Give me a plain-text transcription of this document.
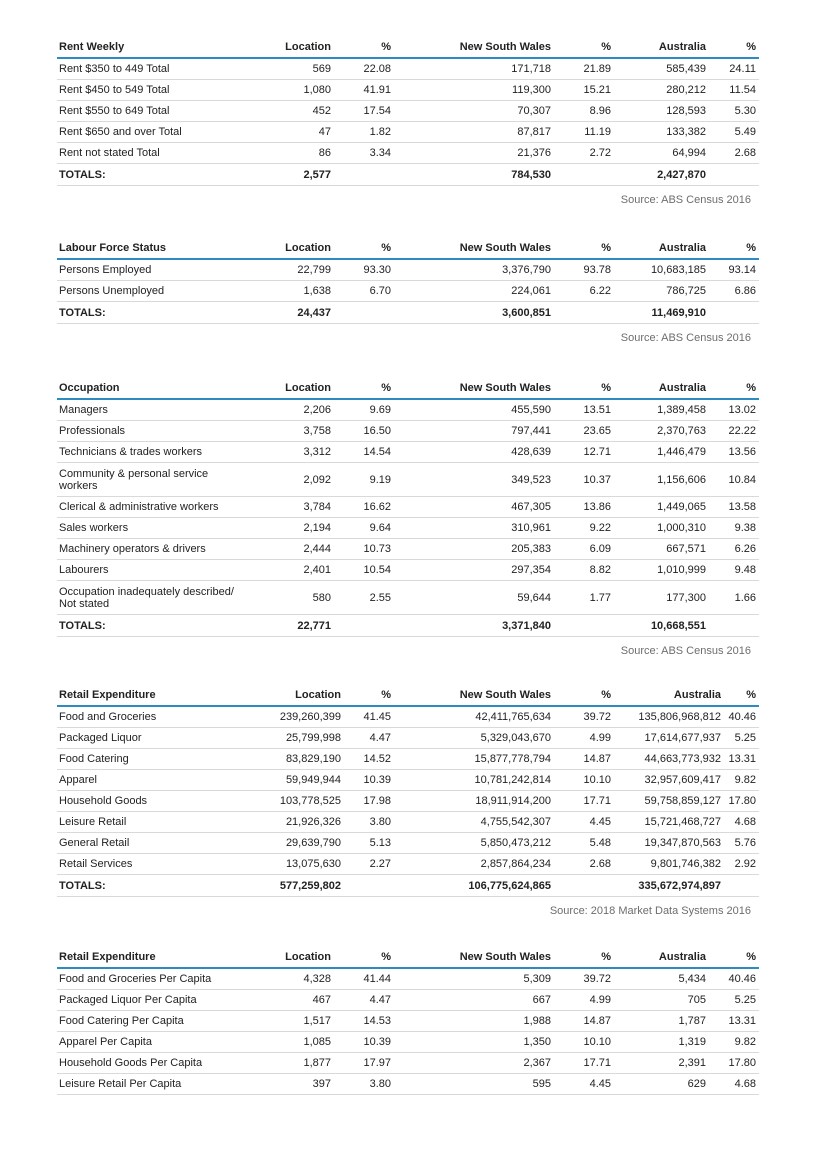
Rent Weekly	Location	%	New South Wales	%	Australia	%
Rent $350 to 449 Total	569	22.08	171,718	21.89	585,439	24.11
Rent $450 to 549 Total	1,080	41.91	119,300	15.21	280,212	11.54
Rent $550 to 649 Total	452	17.54	70,307	8.96	128,593	5.30
Rent $650 and over Total	47	1.82	87,817	11.19	133,382	5.49
Rent not stated Total	86	3.34	21,376	2.72	64,994	2.68
TOTALS:	2,577		784,530		2,427,870	
Source: ABS Census 2016
Labour Force Status	Location	%	New South Wales	%	Australia	%
Persons Employed	22,799	93.30	3,376,790	93.78	10,683,185	93.14
Persons Unemployed	1,638	6.70	224,061	6.22	786,725	6.86
TOTALS:	24,437		3,600,851		11,469,910	
Source: ABS Census 2016
Occupation	Location	%	New South Wales	%	Australia	%
Managers	2,206	9.69	455,590	13.51	1,389,458	13.02
Professionals	3,758	16.50	797,441	23.65	2,370,763	22.22
Technicians & trades workers	3,312	14.54	428,639	12.71	1,446,479	13.56
Community & personal service workers	2,092	9.19	349,523	10.37	1,156,606	10.84
Clerical & administrative workers	3,784	16.62	467,305	13.86	1,449,065	13.58
Sales workers	2,194	9.64	310,961	9.22	1,000,310	9.38
Machinery operators & drivers	2,444	10.73	205,383	6.09	667,571	6.26
Labourers	2,401	10.54	297,354	8.82	1,010,999	9.48
Occupation inadequately described/ Not stated	580	2.55	59,644	1.77	177,300	1.66
TOTALS:	22,771		3,371,840		10,668,551	
Source: ABS Census 2016
Retail Expenditure	Location	%	New South Wales	%	Australia	%
Food and Groceries	239,260,399	41.45	42,411,765,634	39.72	135,806,968,812	40.46
Packaged Liquor	25,799,998	4.47	5,329,043,670	4.99	17,614,677,937	5.25
Food Catering	83,829,190	14.52	15,877,778,794	14.87	44,663,773,932	13.31
Apparel	59,949,944	10.39	10,781,242,814	10.10	32,957,609,417	9.82
Household Goods	103,778,525	17.98	18,911,914,200	17.71	59,758,859,127	17.80
Leisure Retail	21,926,326	3.80	4,755,542,307	4.45	15,721,468,727	4.68
General Retail	29,639,790	5.13	5,850,473,212	5.48	19,347,870,563	5.76
Retail Services	13,075,630	2.27	2,857,864,234	2.68	9,801,746,382	2.92
TOTALS:	577,259,802		106,775,624,865		335,672,974,897	
Source: 2018 Market Data Systems 2016
Retail Expenditure	Location	%	New South Wales	%	Australia	%
Food and Groceries Per Capita	4,328	41.44	5,309	39.72	5,434	40.46
Packaged Liquor Per Capita	467	4.47	667	4.99	705	5.25
Food Catering Per Capita	1,517	14.53	1,988	14.87	1,787	13.31
Apparel Per Capita	1,085	10.39	1,350	10.10	1,319	9.82
Household Goods Per Capita	1,877	17.97	2,367	17.71	2,391	17.80
Leisure Retail Per Capita	397	3.80	595	4.45	629	4.68
